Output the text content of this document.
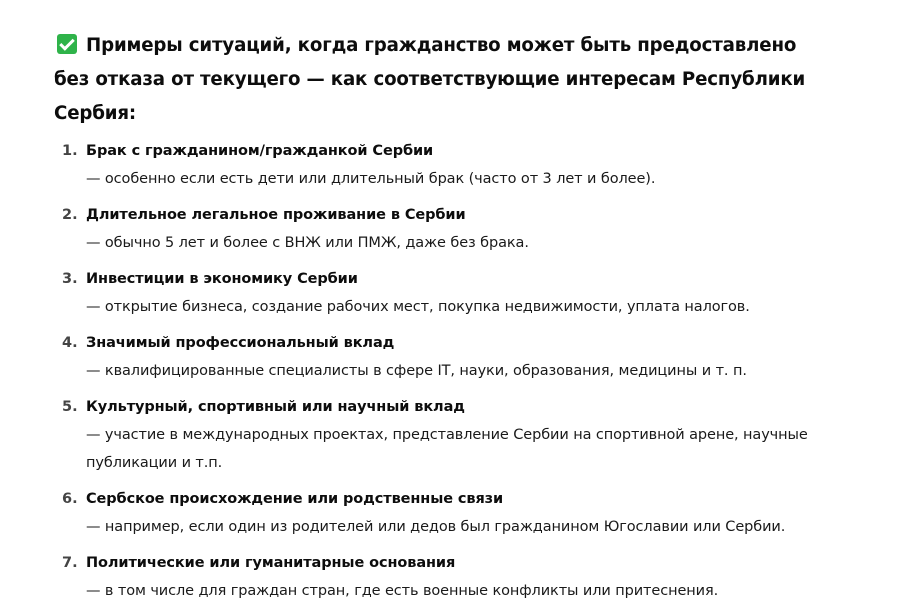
Примеры ситуаций, когда гражданство может быть предоставлено без отказа от текущего — как соответствующие интересам Республики Сербия:
1. Брак с гражданином/гражданкой Сербии
— особенно если есть дети или длительный брак (часто от 3 лет и более).
2. Длительное легальное проживание в Сербии
— обычно 5 лет и более с ВНЖ или ПМЖ, даже без брака.
3. Инвестиции в экономику Сербии
— открытие бизнеса, создание рабочих мест, покупка недвижимости, уплата налогов.
4. Значимый профессиональный вклад
— квалифицированные специалисты в сфере IT, науки, образования, медицины и т. п.
5. Культурный, спортивный или научный вклад
— участие в международных проектах, представление Сербии на спортивной арене, научные публикации и т.п.
6. Сербское происхождение или родственные связи
— например, если один из родителей или дедов был гражданином Югославии или Сербии.
7. Политические или гуманитарные основания
— в том числе для граждан стран, где есть военные конфликты или притеснения.
